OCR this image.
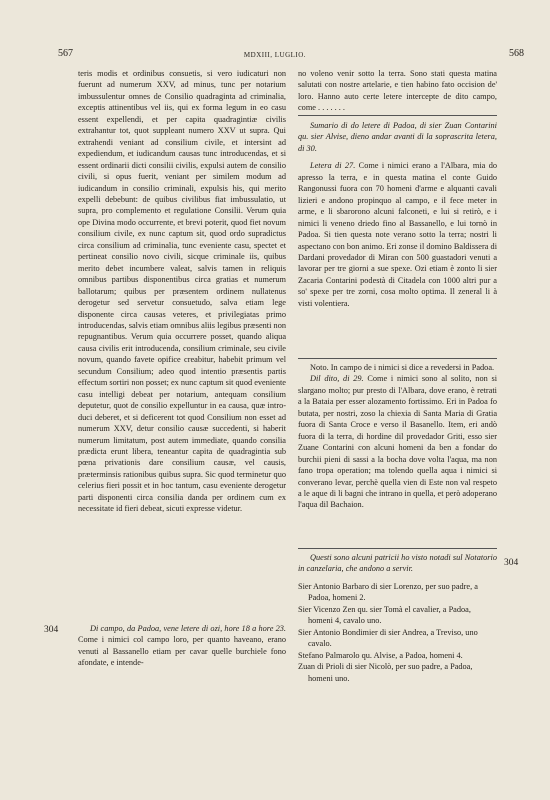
567	MDXIII, LUGLIO.	568

teris modis et ordinibus consuetis, si vero iudicaturi non fuerunt ad numerum XXV, ad minus, tunc per notarium imbussulentur omnes de Consilio quadraginta ad criminalia, exceptis attinentibus vel iis, qui ex forma legum in eo casu essent expellendi, et per capita quadragintiæ civilis extrahantur tot, quot suppleant numero XXV ut supra. Qui extrahendi veniant ad consilium civile, et intersint ad expediendum, et iudicandum causas tunc introducendas, et si essent ordinarii dicti consilii civilis, expulsi autem de consilio civili, si opus fuerit, veniant per similem modum ad iudicandum in consilio criminali, expulsis his, qui merito expelli debebunt: de quibus civilibus fiat imbussulatio, ut supra, pro complemento et regulatione Consilii. Verum quia ope Divina modo occurrente, et brevi poterit, quod fiet novum consilium civile, ex nunc captum sit, quod ordo supradictus circa consilium ad criminalia, tunc eveniente casu, spectet et pertineat consilio novo civili, sicque criminale iis, quibus merito debet incumbere valeat, salvis tamen in reliquis omnibus partibus disponentibus circa gratias et numerum ballotarum; quibus per præsentem ordinem nullatenus derogetur sed servetur consuetudo, salva etiam lege disponente circa causas veteres, et privilegiatas primo introducendas, salvis etiam omnibus aliis legibus præsenti non repugnantibus. Verum quia occurrere posset, quando aliqua causa civilis erit introducenda, consilium criminale, seu civile novum, quando favete opifice creabitur, habebit primum vel secundum Consilium; adeo quod intentio præsentis partis effectum sortiri non posset; ex nunc captum sit quod eveniente casu intelligi debeat per notarium, antequam consilium deputetur, quot de consilio expelluntur in ea causa, quæ introduci deberet, et si deficerent tot quod Consilium non esset ad numerum XXV, detur consilio causæ succedenti, si haberit numerum limitatum, post autem immediate, quando consilia prædicta erunt libera, teneantur capita de quadragintia sub pœna privationis dare consilium causæ, vel causis, præterminsis rationibus quibus supra. Sic quod terminetur quo celerius fieri possit et in hoc tantum, casu eveniente derogetur parti disponenti circa consilia danda per ordinem cum ex necessitate id fieri debeat, sicuti expresse videtur.

304	Di campo, da Padoa, vene letere di ozi, hore 18 a hore 23. Come i nimici col campo loro, per quanto haveano, erano venuti al Bassanello etiam per cavar quelle burchiele fono afondate, e intende-

no voleno venir sotto la terra. Sono stati questa matina salutati con nostre artelarie, e tien habino fato occision de' loro. Hanno auto certe letere intercepte de dito campo, come . . . . . . .

Sumario di do letere di Padoa, di sier Zuan Contarini qu. sier Alvise, dieno andar avanti di la soprascrita letera, di 30.

Letera di 27. Come i nimici erano a l'Albara, mia do apresso la terra, e in questa matina el conte Guido Rangonussi fuora con 70 homeni d'arme e alquanti cavali lizieri e andono propinquo al campo, e il fece meter in arme, e li sbarorono alcuni falconeti, e lui si retirò, e i nimici li veneno driedo fino al Bassanello, e lui tornò in Padoa. Si tien questa note verano sotto la terra; nostri li aspectano con bon animo. Eri zonse il domino Baldissera di Dardani provedador di Miran con 500 guastadori venuti a lavorar per tre giorni a sue spexe. Ozi etiam è zonto li sier Zacaria Contarini podestà di Citadela con 1000 altri pur a so' spexe per tre zorni, cosa molto optima. Il zeneral li à visti volentiera.

Noto. In campo de i nimici si dice a revedersi in Padoa.

Dil dito, di 29. Come i nimici sono al solito, non si slargano molto; pur presto di l'Albara, dove erano, è retrati a la Bataia per esser alozamento fortissimo. Eri in Padoa fo butata, per nostri, zoso la chiexia di Santa Maria di Gratia fuora di Santa Croce e verso il Basanello. Item, eri andò fuora di la terra, di hordine dil provedador Griti, esso sier Zuane Contarini con alcuni homeni da ben a fondar do burchii pieni di sassi a la bocha dove volta l'aqua, ma non fano tropa operation; ma tolendo quella aqua i nimici si converano levar, perchè quella vien di Este non val respeto a le aque di li bagni che intrano in quella, et però adoperano l'aqua dil Bachaion.

304

Questi sono alcuni patricii ho visto notadi sul Notatorio in canzelaria, che andono a servir.

Sier Antonio Barbaro di sier Lorenzo, per suo padre, a Padoa, homeni 2.

Sier Vicenzo Zen qu. sier Tomà el cavalier, a Padoa, homeni 4, cavalo uno.

Sier Antonio Bondimier di sier Andrea, a Treviso, uno cavalo.

Stefano Palmarolo qu. Alvise, a Padoa, homeni 4.

Zuan di Prioli di sier Nicolò, per suo padre, a Padoa, homeni uno.
